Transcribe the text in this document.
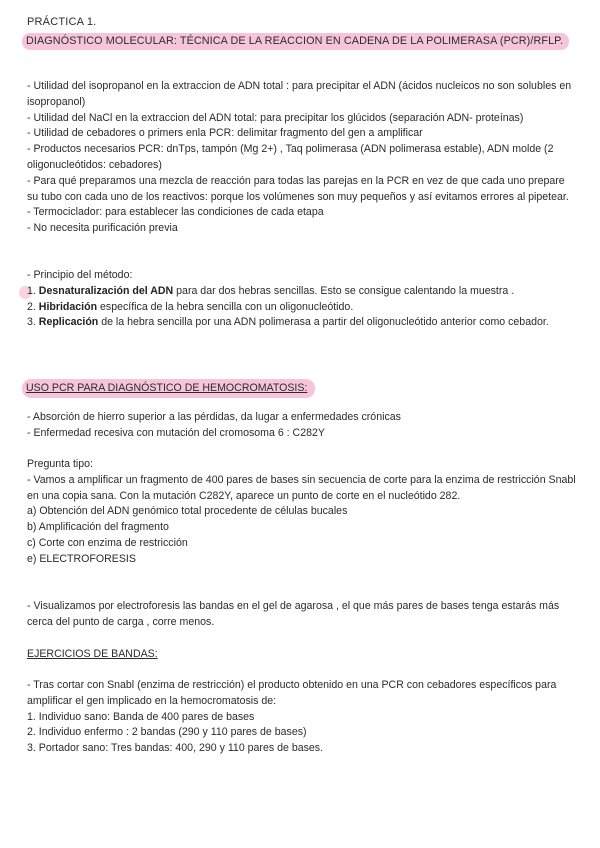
PRÁCTICA 1.
DIAGNÓSTICO MOLECULAR: TÉCNICA DE LA REACCION EN CADENA DE LA POLIMERASA (PCR)/RFLP.
- Utilidad del isopropanol en la extraccion de ADN total : para precipitar el ADN (ácidos nucleicos no son solubles en isopropanol)
- Utilidad del NaCl en la extraccion del ADN total: para precipitar los glúcidos (separación ADN- proteínas)
- Utilidad de cebadores o primers enla PCR: delimitar fragmento del gen a amplificar
- Productos necesarios PCR: dnTps, tampón (Mg 2+) , Taq polimerasa (ADN polimerasa estable), ADN molde (2 oligonucleótidos: cebadores)
- Para qué preparamos una mezcla de reacción para todas las parejas en la PCR en vez de que cada uno prepare su tubo con cada uno de los reactivos: porque los volúmenes son muy pequeños y así evitamos errores al pipetear.
- Termociclador: para establecer las condiciones de cada etapa
- No necesita purificación previa
- Principio del método:
1. Desnaturalización del ADN para dar dos hebras sencillas. Esto se consigue calentando la muestra .
2. Hibridación específica de la hebra sencilla con un oligonucleótido.
3. Replicación de la hebra sencilla por una ADN polimerasa a partir del oligonucleótido anterior como cebador.
USO PCR PARA DIAGNÓSTICO DE HEMOCROMATOSIS:
- Absorción de hierro superior a las pérdidas, da lugar a enfermedades crónicas
- Enfermedad recesiva con mutación del cromosoma 6 : C282Y
Pregunta tipo:
- Vamos a amplificar un fragmento de 400 pares de bases sin secuencia de corte para la enzima de restricción Snabl en una copia sana. Con la mutación C282Y, aparece un punto de corte en el nucleótido 282.
a) Obtención del ADN genómico total procedente de células bucales
b) Amplificación del fragmento
c) Corte con enzima de restricción
e) ELECTROFORESIS
- Visualizamos por electroforesis las bandas en el gel de agarosa , el que más pares de bases tenga estarás más cerca del punto de carga , corre menos.
EJERCICIOS DE BANDAS:
- Tras cortar con Snabl (enzima de restricción) el producto obtenido en una PCR con cebadores específicos para amplificar el gen implicado en la hemocromatosis de:
1. Individuo sano: Banda de 400 pares de bases
2. Individuo enfermo : 2 bandas (290 y 110 pares de bases)
3. Portador sano: Tres bandas: 400, 290 y 110 pares de bases.
